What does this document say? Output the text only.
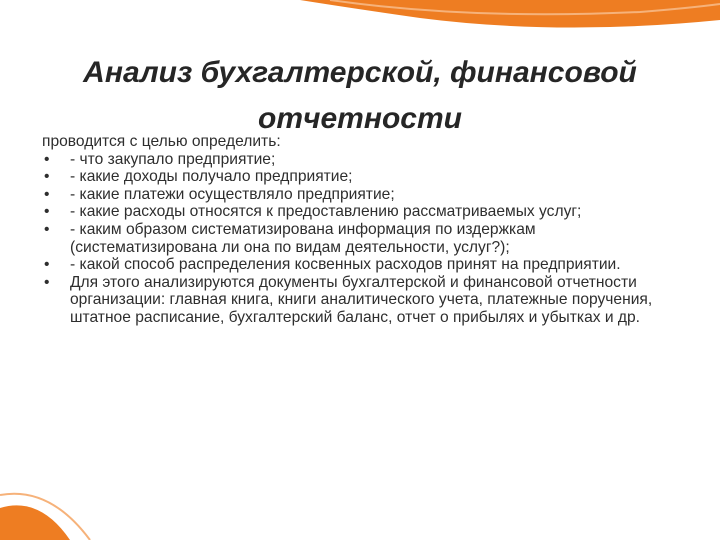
Анализ бухгалтерской, финансовой
отчетности

проводится с целью определить:

• - что закупало предприятие;
• - какие доходы получало предприятие;
• - какие платежи осуществляло предприятие;
• - какие расходы относятся к предоставлению рассматриваемых услуг;
• - каким образом систематизирована информация по издержкам (систематизирована ли она по видам деятельности, услуг?);
• - какой способ распределения косвенных расходов принят на предприятии.
• Для этого анализируются документы бухгалтерской и финансовой отчетности организации: главная книга, книги аналитического учета, платежные поручения, штатное расписание, бухгалтерский баланс, отчет о прибылях и убытках и др.
